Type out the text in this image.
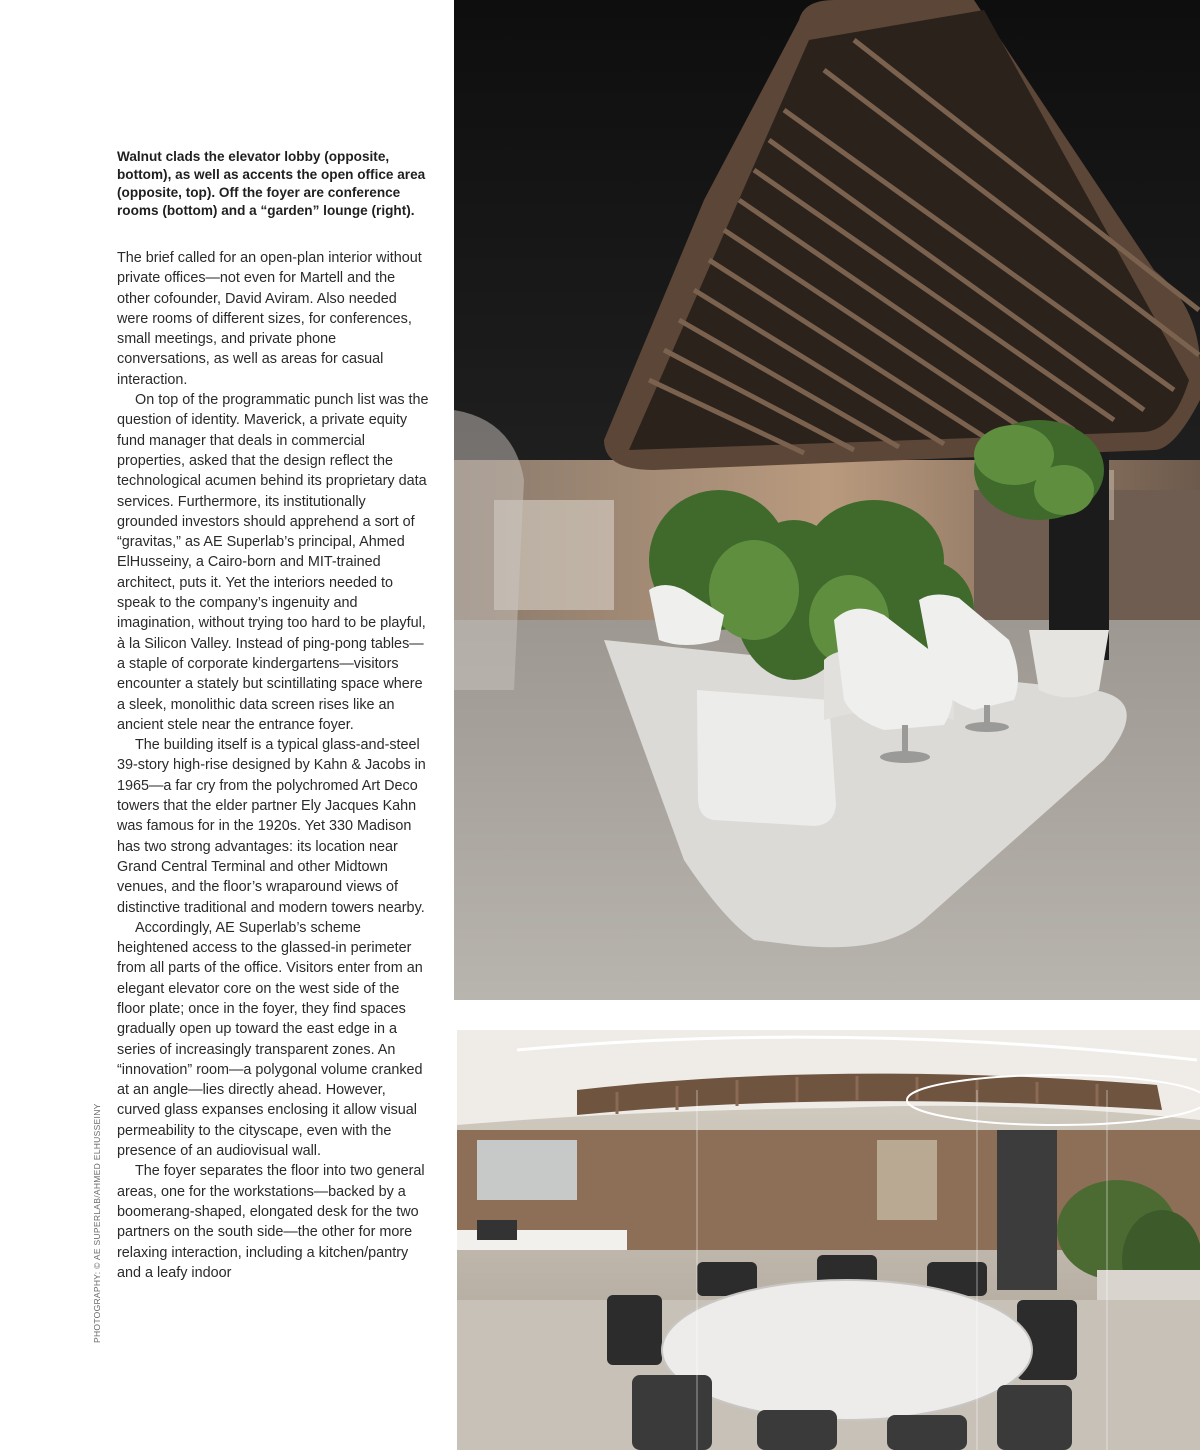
Walnut clads the elevator lobby (opposite, bottom), as well as accents the open office area (opposite, top). Off the foyer are conference rooms (bottom) and a “garden” lounge (right).

The brief called for an open-plan interior without private offices—not even for Martell and the other cofounder, David Aviram. Also needed were rooms of different sizes, for conferences, small meetings, and private phone conversations, as well as areas for casual interaction.

On top of the programmatic punch list was the question of identity. Maverick, a private equity fund manager that deals in commercial properties, asked that the design reflect the technological acumen behind its proprietary data services. Furthermore, its institutionally grounded investors should apprehend a sort of “gravitas,” as AE Superlab’s principal, Ahmed ElHusseiny, a Cairo-born and MIT-trained architect, puts it. Yet the interiors needed to speak to the company’s ingenuity and imagination, without trying too hard to be playful, à la Silicon Valley. Instead of ping-pong tables—a staple of corporate kindergartens—visitors encounter a stately but scintillating space where a sleek, monolithic data screen rises like an ancient stele near the entrance foyer.

The building itself is a typical glass-and-steel 39-story high-rise designed by Kahn & Jacobs in 1965—a far cry from the polychromed Art Deco towers that the elder partner Ely Jacques Kahn was famous for in the 1920s. Yet 330 Madison has two strong advantages: its location near Grand Central Terminal and other Midtown venues, and the floor’s wraparound views of distinctive traditional and modern towers nearby.

Accordingly, AE Superlab’s scheme heightened access to the glassed-in perimeter from all parts of the office. Visitors enter from an elegant elevator core on the west side of the floor plate; once in the foyer, they find spaces gradually open up toward the east edge in a series of increasingly transparent zones. An “innovation” room—a polygonal volume cranked at an angle—lies directly ahead. However, curved glass expanses enclosing it allow visual permeability to the cityscape, even with the presence of an audiovisual wall.

The foyer separates the floor into two general areas, one for the workstations—backed by a boomerang-shaped, elongated desk for the two partners on the south side—the other for more relaxing interaction, including a kitchen/pantry and a leafy indoor

PHOTOGRAPHY: © AE SUPERLAB/AHMED ELHUSSEINY
